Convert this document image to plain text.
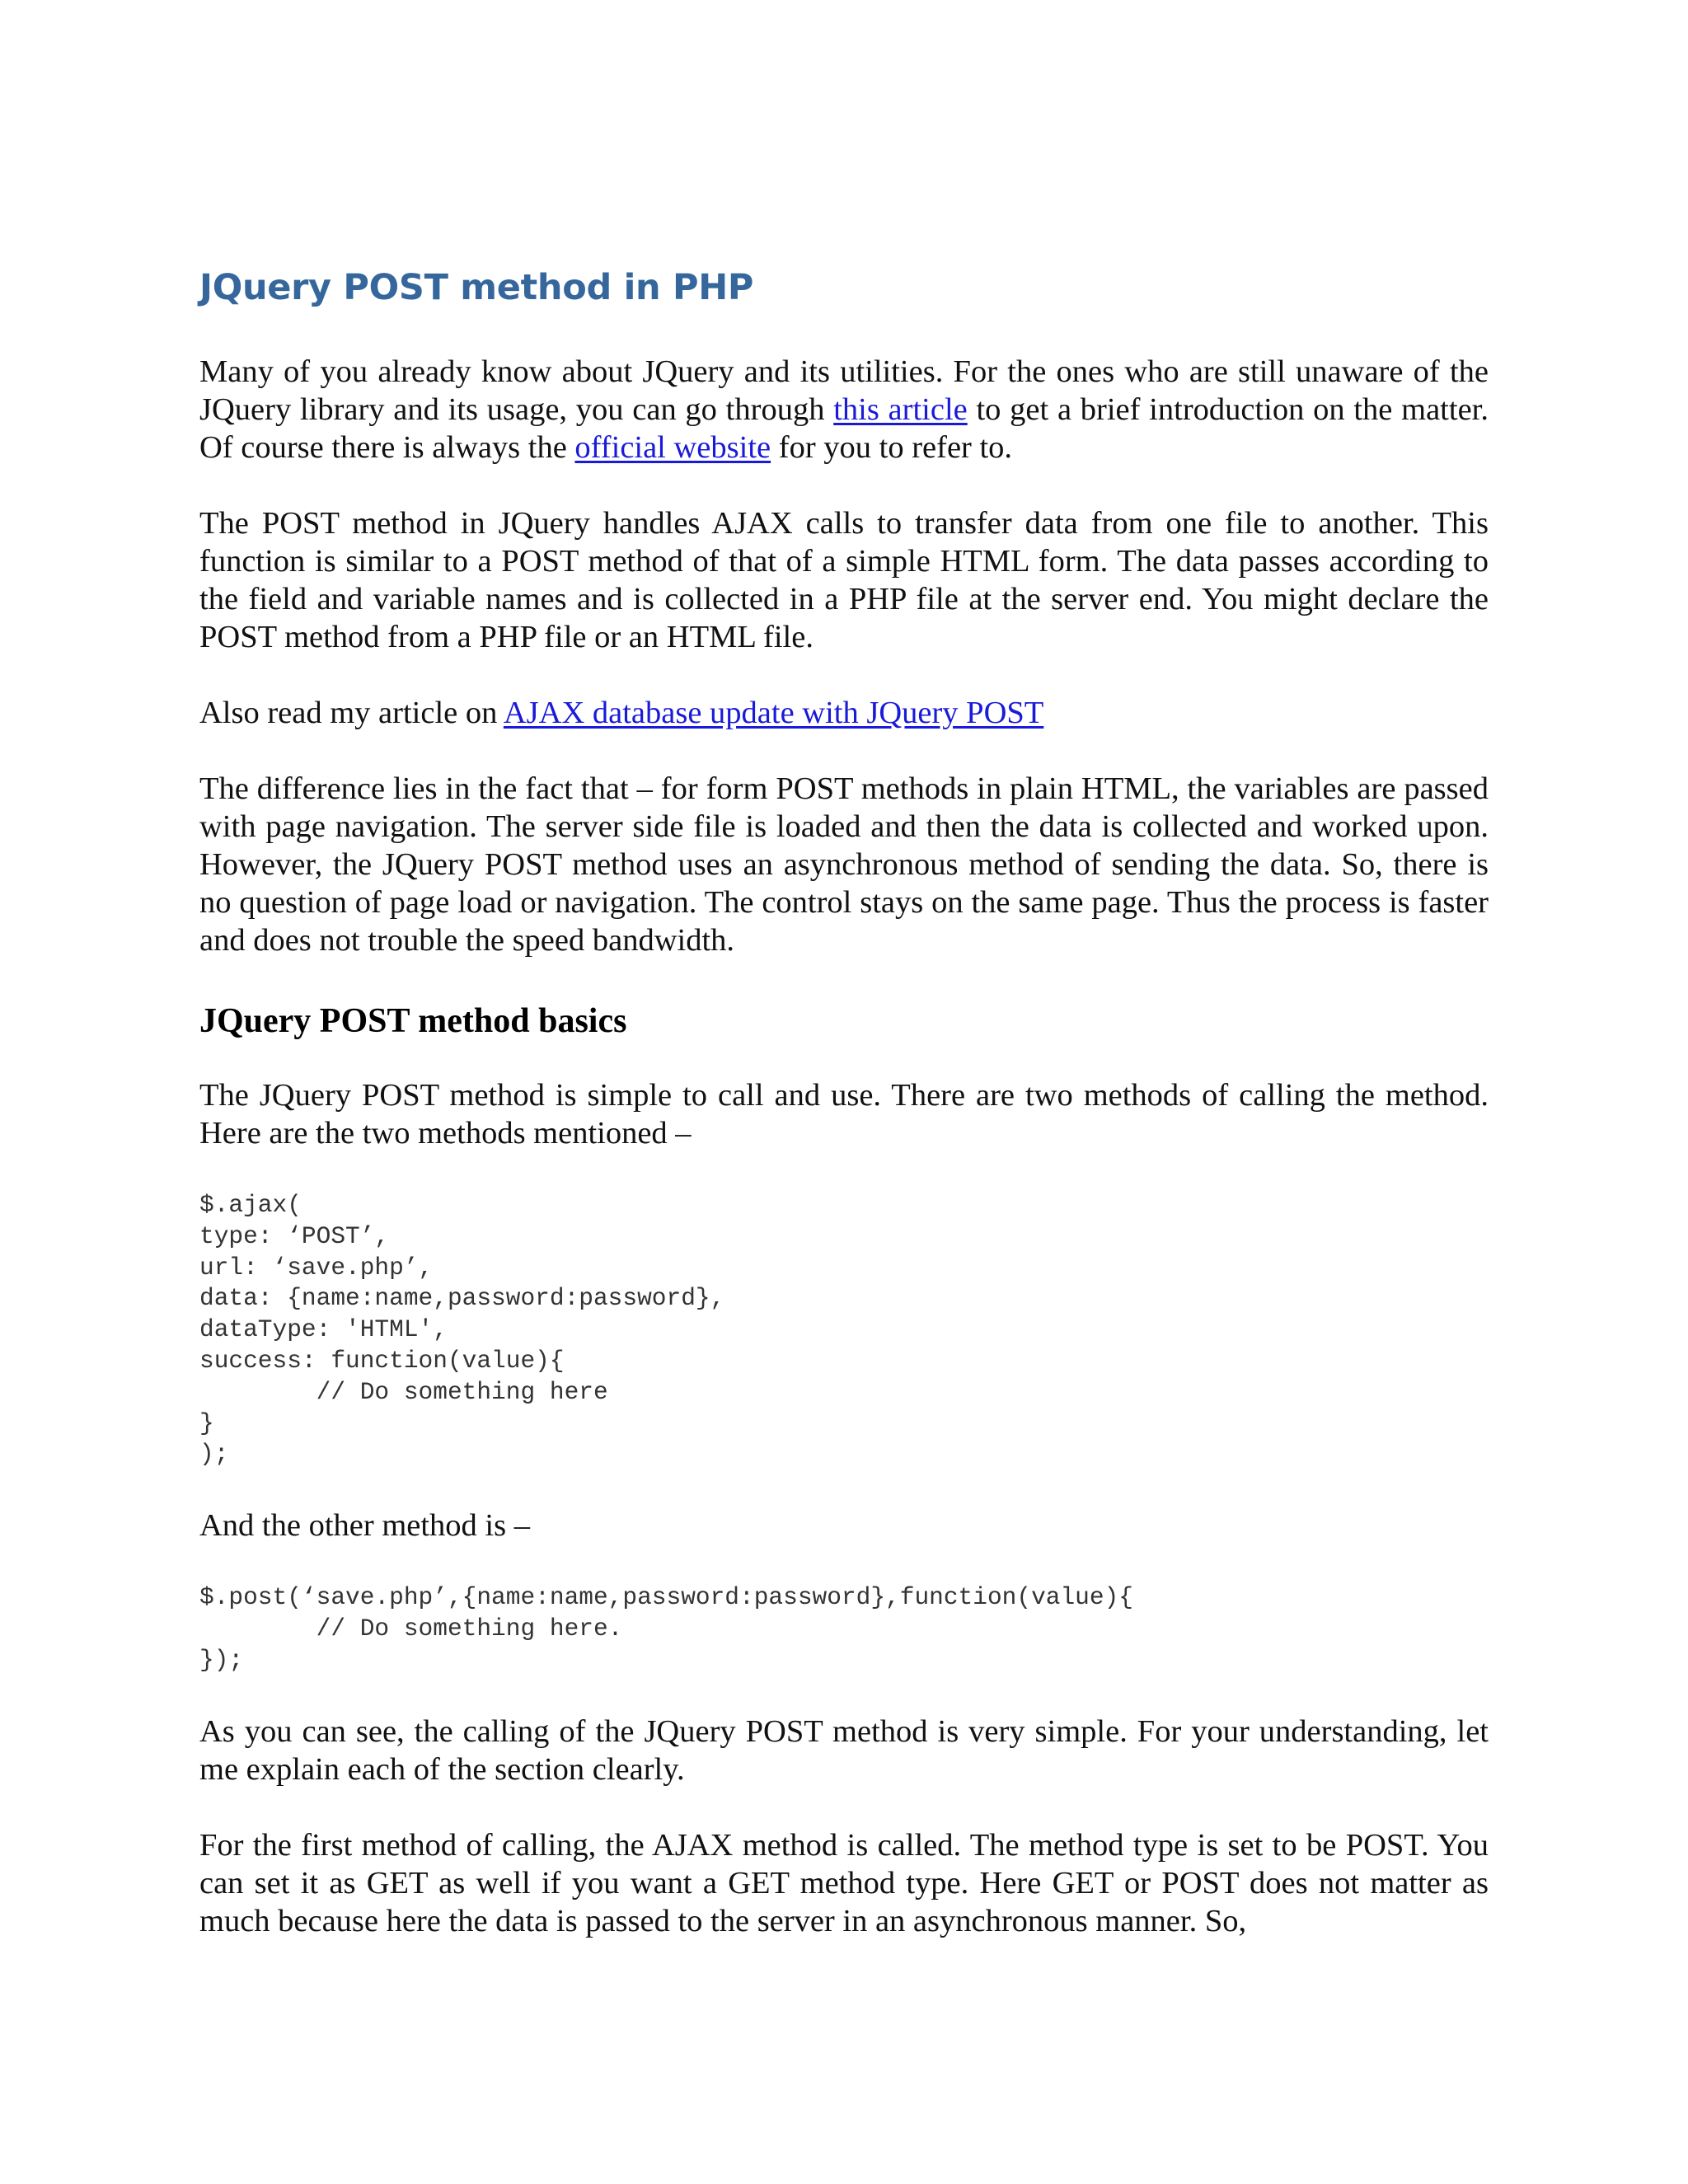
JQuery POST method in PHP

Many of you already know about JQuery and its utilities. For the ones who are still unaware of the JQuery library and its usage, you can go through this article to get a brief introduction on the matter. Of course there is always the official website for you to refer to.

The POST method in JQuery handles AJAX calls to transfer data from one file to another. This function is similar to a POST method of that of a simple HTML form. The data passes according to the field and variable names and is collected in a PHP file at the server end. You might declare the POST method from a PHP file or an HTML file.

Also read my article on AJAX database update with JQuery POST

The difference lies in the fact that – for form POST methods in plain HTML, the variables are passed with page navigation. The server side file is loaded and then the data is collected and worked upon. However, the JQuery POST method uses an asynchronous method of sending the data. So, there is no question of page load or navigation. The control stays on the same page. Thus the process is faster and does not trouble the speed bandwidth.

JQuery POST method basics

The JQuery POST method is simple to call and use. There are two methods of calling the method. Here are the two methods mentioned –

$.ajax(
type: ‘POST’,
url: ‘save.php’,
data: {name:name,password:password},
dataType: 'HTML',
success: function(value){
// Do something here
}
);

And the other method is –

$.post(‘save.php’,{name:name,password:password},function(value){
// Do something here.
});

As you can see, the calling of the JQuery POST method is very simple. For your understanding, let me explain each of the section clearly.

For the first method of calling, the AJAX method is called. The method type is set to be POST. You can set it as GET as well if you want a GET method type. Here GET or POST does not matter as much because here the data is passed to the server in an asynchronous manner. So,
